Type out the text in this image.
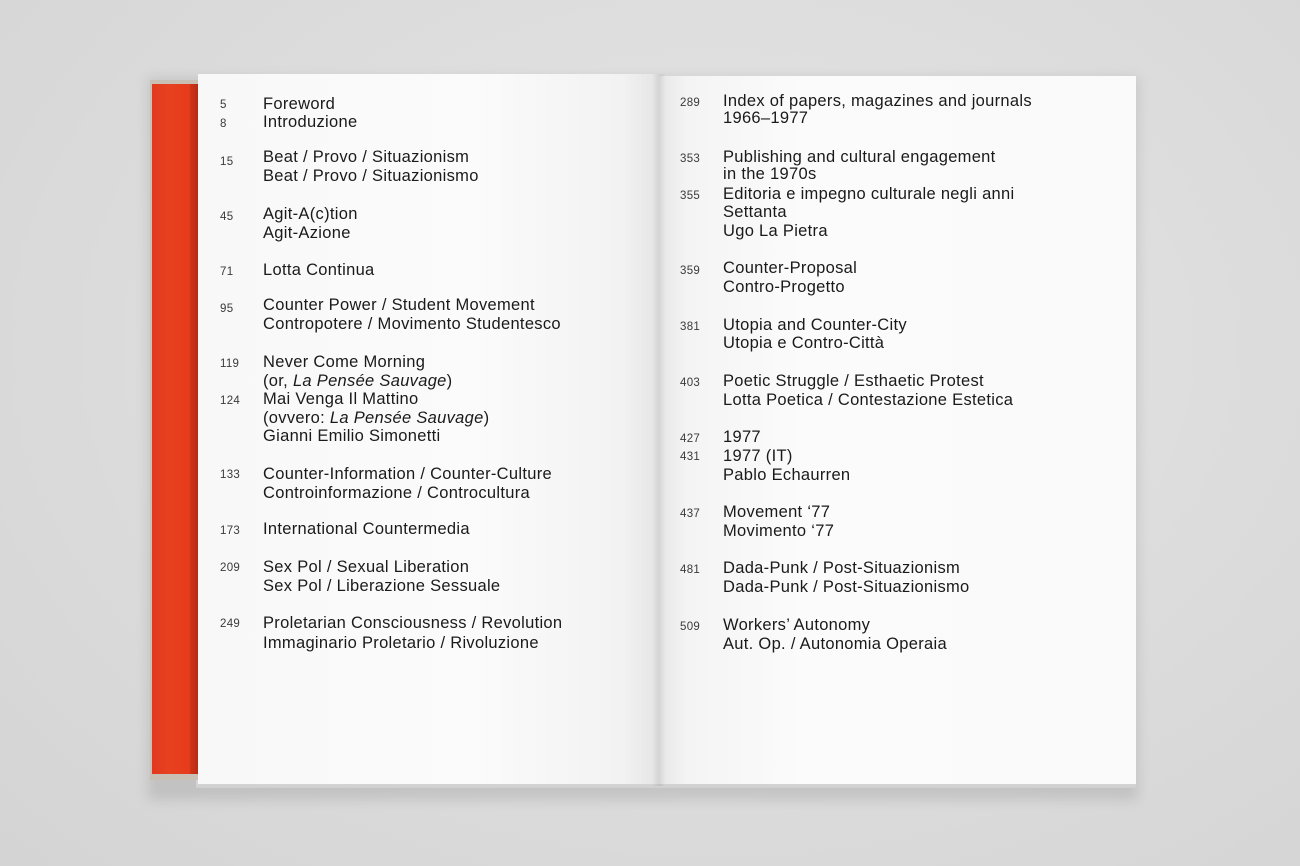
5	Foreword
8	Introduzione
15	Beat / Provo / Situazionism
Beat / Provo / Situazionismo
45	Agit-A(c)tion
Agit-Azione
71	Lotta Continua
95	Counter Power / Student Movement
Contropotere / Movimento Studentesco
119	Never Come Morning
(or, La Pensée Sauvage)
124	Mai Venga Il Mattino
(ovvero: La Pensée Sauvage)
Gianni Emilio Simonetti
133	Counter-Information / Counter-Culture
Controinformazione / Controcultura
173	International Countermedia
209	Sex Pol / Sexual Liberation
Sex Pol / Liberazione Sessuale
249	Proletarian Consciousness / Revolution
Immaginario Proletario / Rivoluzione
289	Index of papers, magazines and journals
1966–1977
353	Publishing and cultural engagement
in the 1970s
355	Editoria e impegno culturale negli anni
Settanta
Ugo La Pietra
359	Counter-Proposal
Contro-Progetto
381	Utopia and Counter-City
Utopia e Contro-Città
403	Poetic Struggle / Esthaetic Protest
Lotta Poetica / Contestazione Estetica
427	1977
431	1977 (IT)
Pablo Echaurren
437	Movement ‘77
Movimento ‘77
481	Dada-Punk / Post-Situazionism
Dada-Punk / Post-Situazionismo
509	Workers’ Autonomy
Aut. Op. / Autonomia Operaia
